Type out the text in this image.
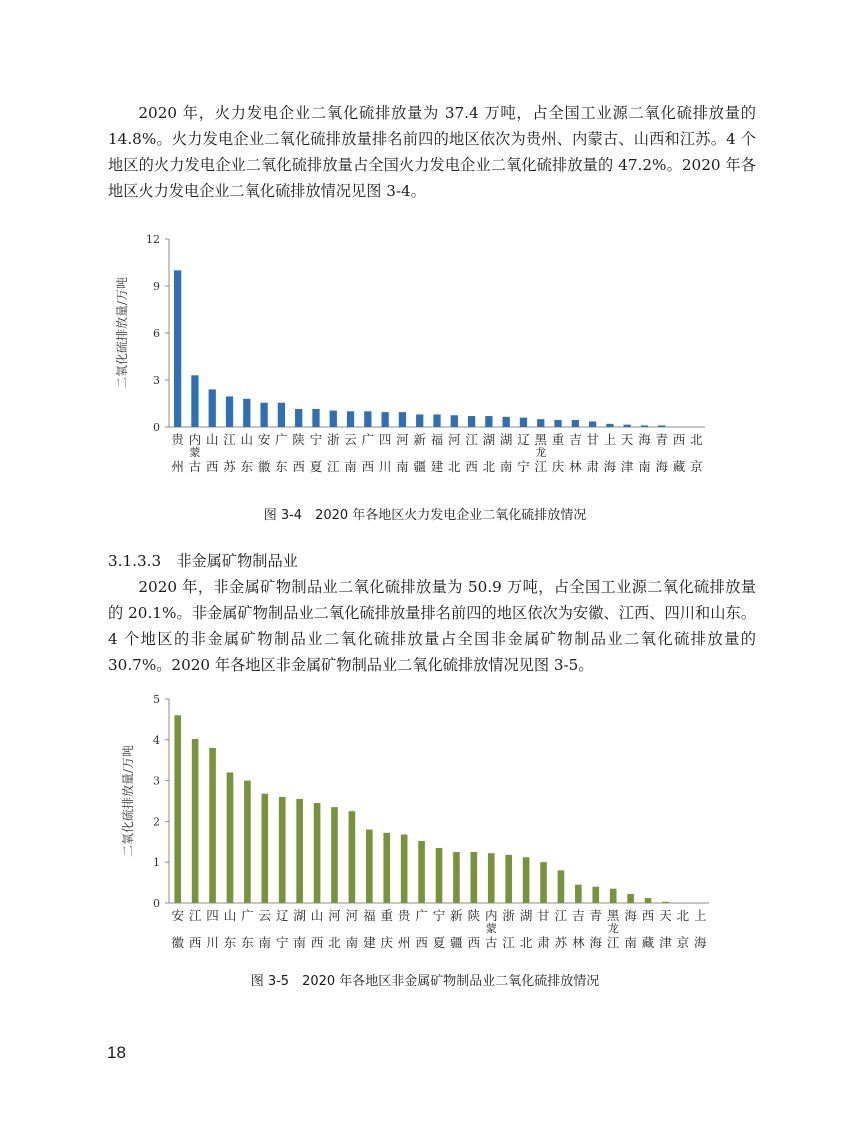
2020 年，火力发电企业二氧化硫排放量为 37.4 万吨，占全国工业源二氧化硫排放量的 14.8%。火力发电企业二氧化硫排放量排名前四的地区依次为贵州、内蒙古、山西和江苏。4 个地区的火力发电企业二氧化硫排放量占全国火力发电企业二氧化硫排放量的 47.2%。2020 年各地区火力发电企业二氧化硫排放情况见图 3-4。

0
3
6
9
12
二氧化硫排放量/万吨
贵
州
内
蒙
古
山
西
江
苏
山
东
安
徽
广
东
陕
西
宁
夏
浙
江
云
南
广
西
四
川
河
南
新
疆
福
建
河
北
江
西
湖
北
湖
南
辽
宁
黑
龙
江
重
庆
吉
林
甘
肃
上
海
天
津
海
南
青
海
西
藏
北
京
图 3-4　2020 年各地区火力发电企业二氧化硫排放情况
3.1.3.3　非金属矿物制品业

2020 年，非金属矿物制品业二氧化硫排放量为 50.9 万吨，占全国工业源二氧化硫排放量的 20.1%。非金属矿物制品业二氧化硫排放量排名前四的地区依次为安徽、江西、四川和山东。4 个地区的非金属矿物制品业二氧化硫排放量占全国非金属矿物制品业二氧化硫排放量的 30.7%。2020 年各地区非金属矿物制品业二氧化硫排放情况见图 3-5。

0
1
2
3
4
5
二氧化硫排放量/万吨
安
徽
江
西
四
川
山
东
广
东
云
南
辽
宁
湖
南
山
西
河
北
河
南
福
建
重
庆
贵
州
广
西
宁
夏
新
疆
陕
西
内
蒙
古
浙
江
湖
北
甘
肃
江
苏
吉
林
青
海
黑
龙
江
海
南
西
藏
天
津
北
京
上
海
图 3-5　2020 年各地区非金属矿物制品业二氧化硫排放情况
18
